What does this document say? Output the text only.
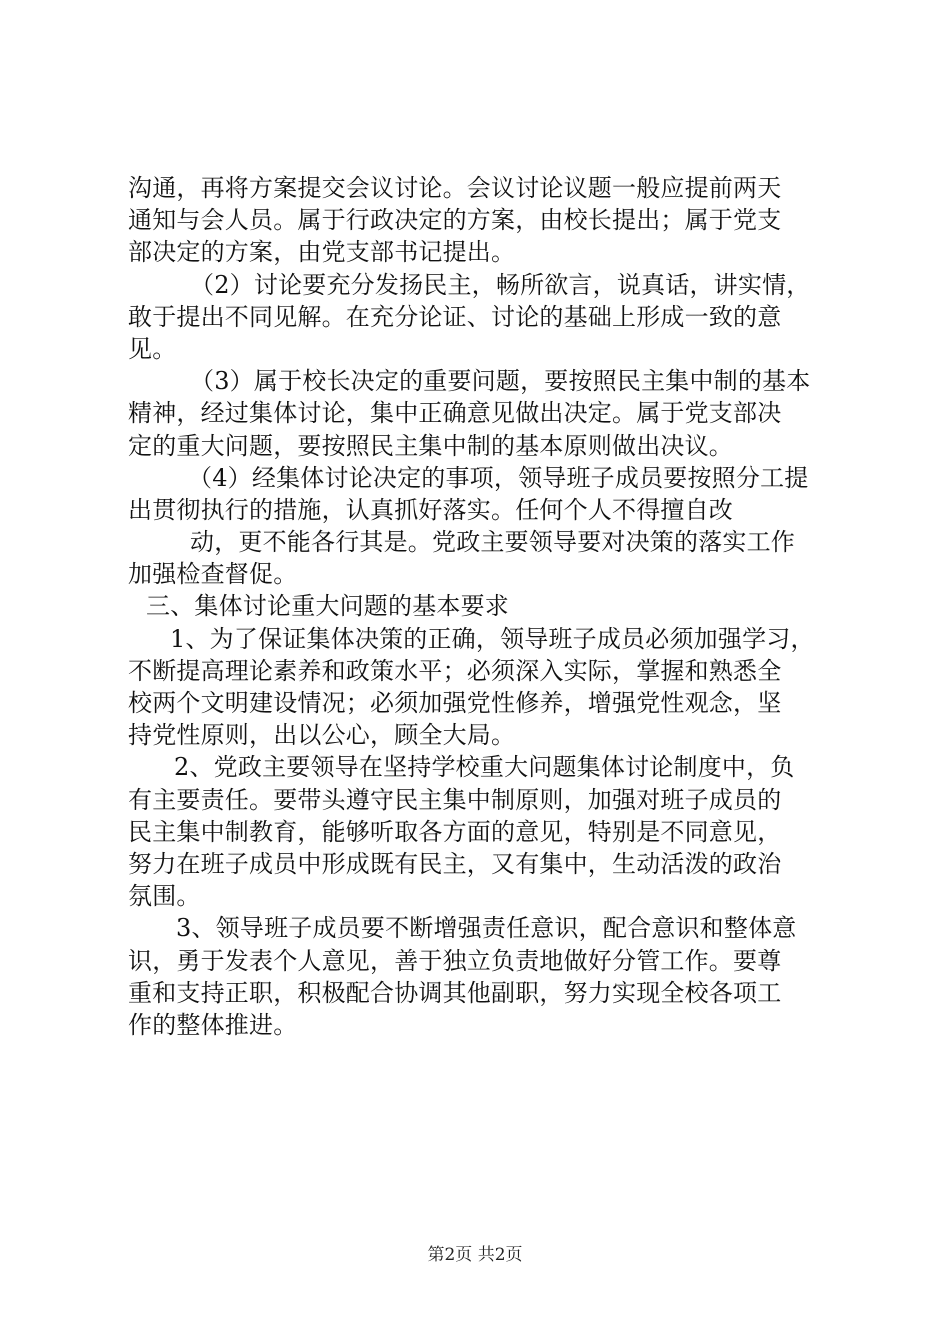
沟通，再将方案提交会议讨论。会议讨论议题一般应提前两天
通知与会人员。属于行政决定的方案，由校长提出；属于党支
部决定的方案，由党支部书记提出。
（2）讨论要充分发扬民主，畅所欲言，说真话，讲实情，
敢于提出不同见解。在充分论证、讨论的基础上形成一致的意
见。
（3）属于校长决定的重要问题，要按照民主集中制的基本
精神，经过集体讨论，集中正确意见做出决定。属于党支部决
定的重大问题，要按照民主集中制的基本原则做出决议。
（4）经集体讨论决定的事项，领导班子成员要按照分工提
出贯彻执行的措施，认真抓好落实。任何个人不得擅自改
动，更不能各行其是。党政主要领导要对决策的落实工作
加强检查督促。
三、集体讨论重大问题的基本要求
1、为了保证集体决策的正确，领导班子成员必须加强学习，
不断提高理论素养和政策水平；必须深入实际，掌握和熟悉全
校两个文明建设情况；必须加强党性修养，增强党性观念，坚
持党性原则，出以公心，顾全大局。
2、党政主要领导在坚持学校重大问题集体讨论制度中，负
有主要责任。要带头遵守民主集中制原则，加强对班子成员的
民主集中制教育，能够听取各方面的意见，特别是不同意见，
努力在班子成员中形成既有民主，又有集中，生动活泼的政治
氛围。
3、领导班子成员要不断增强责任意识，配合意识和整体意
识，勇于发表个人意见，善于独立负责地做好分管工作。要尊
重和支持正职，积极配合协调其他副职，努力实现全校各项工
作的整体推进。
第2页 共2页
